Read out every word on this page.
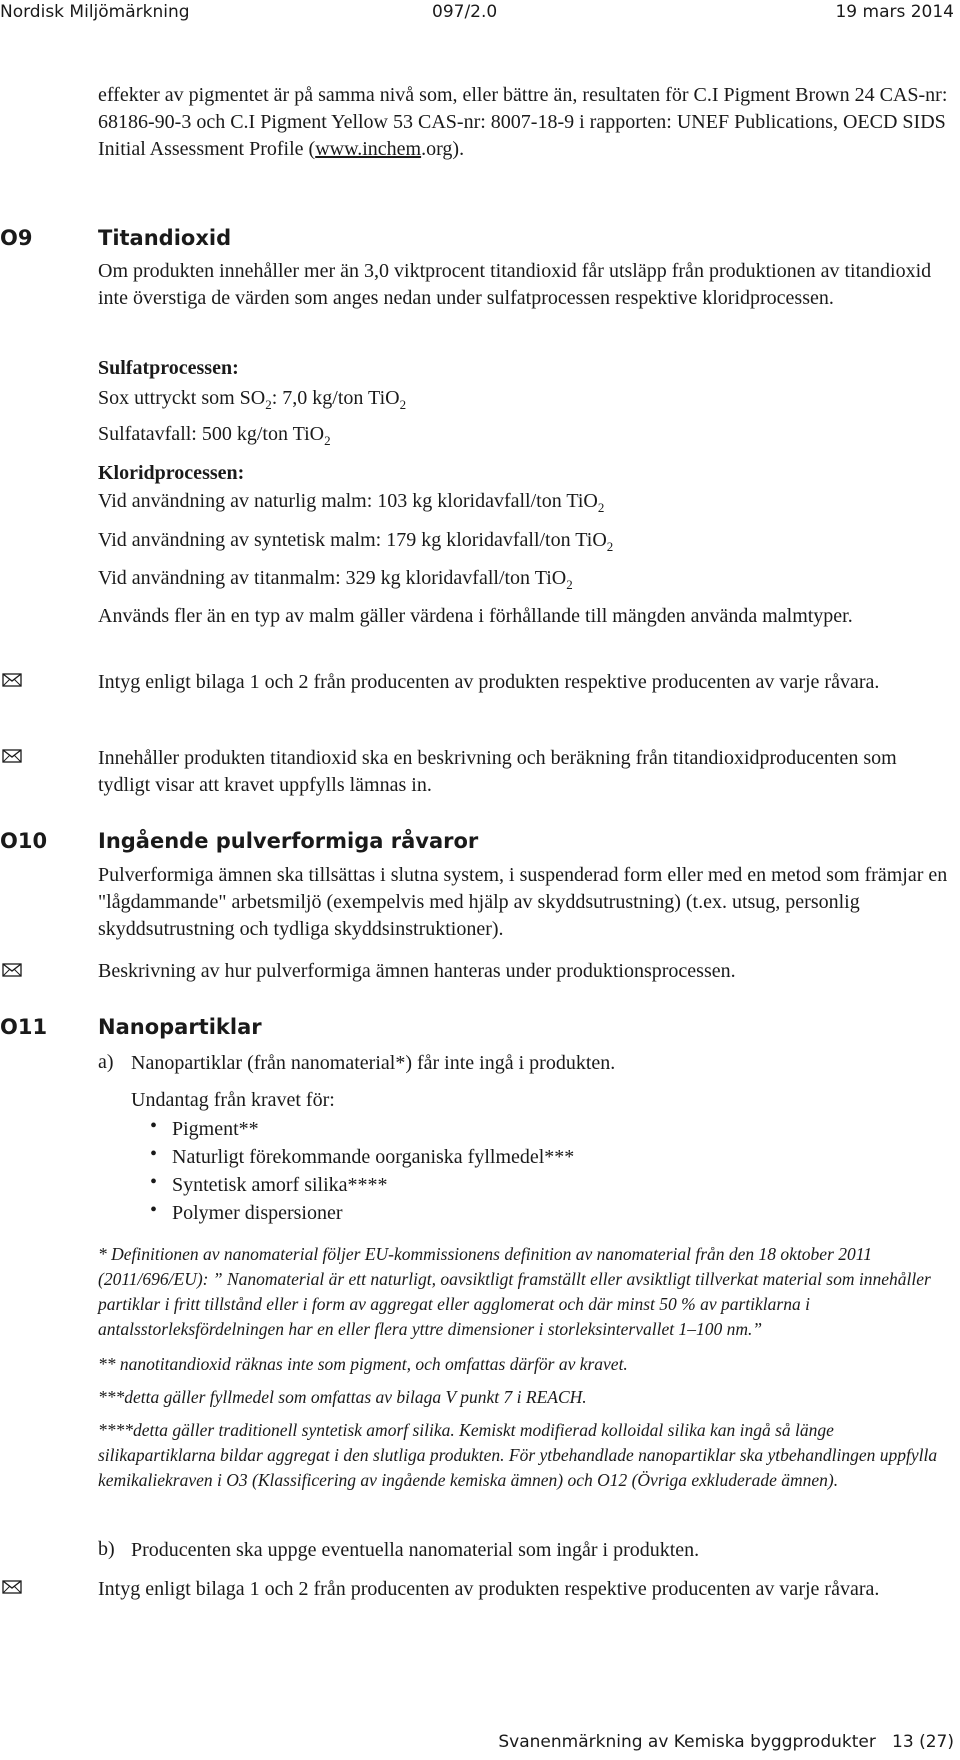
Nordisk Miljömärkning	097/2.0	19 mars 2014

effekter av pigmentet är på samma nivå som, eller bättre än, resultaten för C.I Pigment Brown 24 CAS-nr: 68186-90-3 och C.I Pigment Yellow 53 CAS-nr: 8007-18-9 i rapporten: UNEF Publications, OECD SIDS Initial Assessment Profile (www.inchem.org).

O9	Titandioxid

Om produkten innehåller mer än 3,0 viktprocent titandioxid får utsläpp från produktionen av titandioxid inte överstiga de värden som anges nedan under sulfatprocessen respektive kloridprocessen.

Sulfatprocessen:

Sox uttryckt som $SO_2$: 7,0 kg/ton TiO$_2$

Sulfatavfall: 500 kg/ton TiO$_2$

Kloridprocessen:

Vid användning av naturlig malm: 103 kg kloridavfall/ton TiO$_2$

Vid användning av syntetisk malm: 179 kg kloridavfall/ton TiO$_2$

Vid användning av titanmalm: 329 kg kloridavfall/ton TiO$_2$

Används fler än en typ av malm gäller värdena i förhållande till mängden använda malmtyper.

Intyg enligt bilaga 1 och 2 från producenten av produkten respektive producenten av varje råvara.

Innehåller produkten titandioxid ska en beskrivning och beräkning från titandioxidproducenten som tydligt visar att kravet uppfylls lämnas in.

O10 Ingående pulverformiga råvaror

Pulverformiga ämnen ska tillsättas i slutna system, i suspenderad form eller med en metod som främjar en "lågdammande" arbetsmiljö (exempelvis med hjälp av skyddsutrustning) (t.ex. utsug, personlig skyddsutrustning och tydliga skyddsinstruktioner).

Beskrivning av hur pulverformiga ämnen hanteras under produktionsprocessen.

O11 Nanopartiklar
a) Nanopartiklar (från nanomaterial*) får inte ingå i produkten.
Undantag från kravet för:
• Pigment**
• Naturligt förekommande oorganiska fyllmedel***
• Syntetisk amorf silika****
• Polymer dispersioner

* Definitionen av nanomaterial följer EU-kommissionens definition av nanomaterial från den 18 oktober 2011 (2011/696/EU): ” Nanomaterial är ett naturligt, oavsiktligt framställt eller avsiktligt tillverkat material som innehåller partiklar i fritt tillstånd eller i form av aggregat eller agglomerat och där minst 50 % av partiklarna i antalsstorleksfördelningen har en eller flera yttre dimensioner i storleksintervallet 1–100 nm.”

** nanotitandioxid räknas inte som pigment, och omfattas därför av kravet.

***detta gäller fyllmedel som omfattas av bilaga V punkt 7 i REACH.

****detta gäller traditionell syntetisk amorf silika. Kemiskt modifierad kolloidal silika kan ingå så länge silikapartiklarna bildar aggregat i den slutliga produkten. För ytbehandlade nanopartiklar ska ytbehandlingen uppfylla kemikaliekraven i O3 (Klassificering av ingående kemiska ämnen) och O12 (Övriga exkluderade ämnen).

b) Producenten ska uppge eventuella nanomaterial som ingår i produkten.

Intyg enligt bilaga 1 och 2 från producenten av produkten respektive producenten av varje råvara.

Svanenmärkning av Kemiska byggprodukter   13 (27)
